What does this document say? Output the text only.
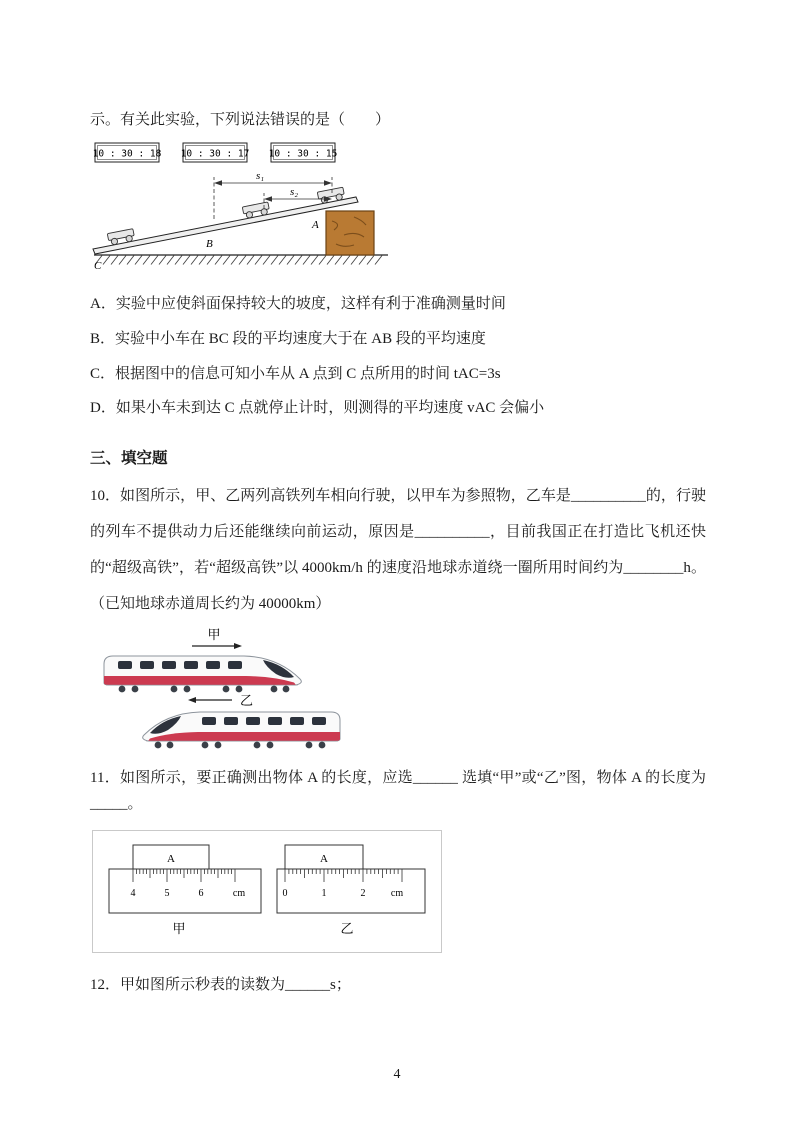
示。有关此实验，下列说法错误的是（　　）

10 : 30 : 18 10 : 30 : 17 10 : 30 : 15
s₁
s₂
A
B
C

A．实验中应使斜面保持较大的坡度，这样有利于准确测量时间

B．实验中小车在 BC 段的平均速度大于在 AB 段的平均速度

C．根据图中的信息可知小车从 A 点到 C 点所用的时间 tAC=3s

D．如果小车未到达 C 点就停止计时，则测得的平均速度 vAC 会偏小

三、填空题

10．如图所示，甲、乙两列高铁列车相向行驶，以甲车为参照物，乙车是__________的，行驶的列车不提供动力后还能继续向前运动，原因是__________，目前我国正在打造比飞机还快的“超级高铁”，若“超级高铁”以 4000km/h 的速度沿地球赤道绕一圈所用时间约为________h。（已知地球赤道周长约为 40000km）

甲
乙

11．如图所示，要正确测出物体 A 的长度，应选______ 选填“甲”或“乙”图，物体 A 的长度为_____。

A
4	5	6	cm
甲
A
0	1	2	cm
乙

12．甲如图所示秒表的读数为______s；

4
